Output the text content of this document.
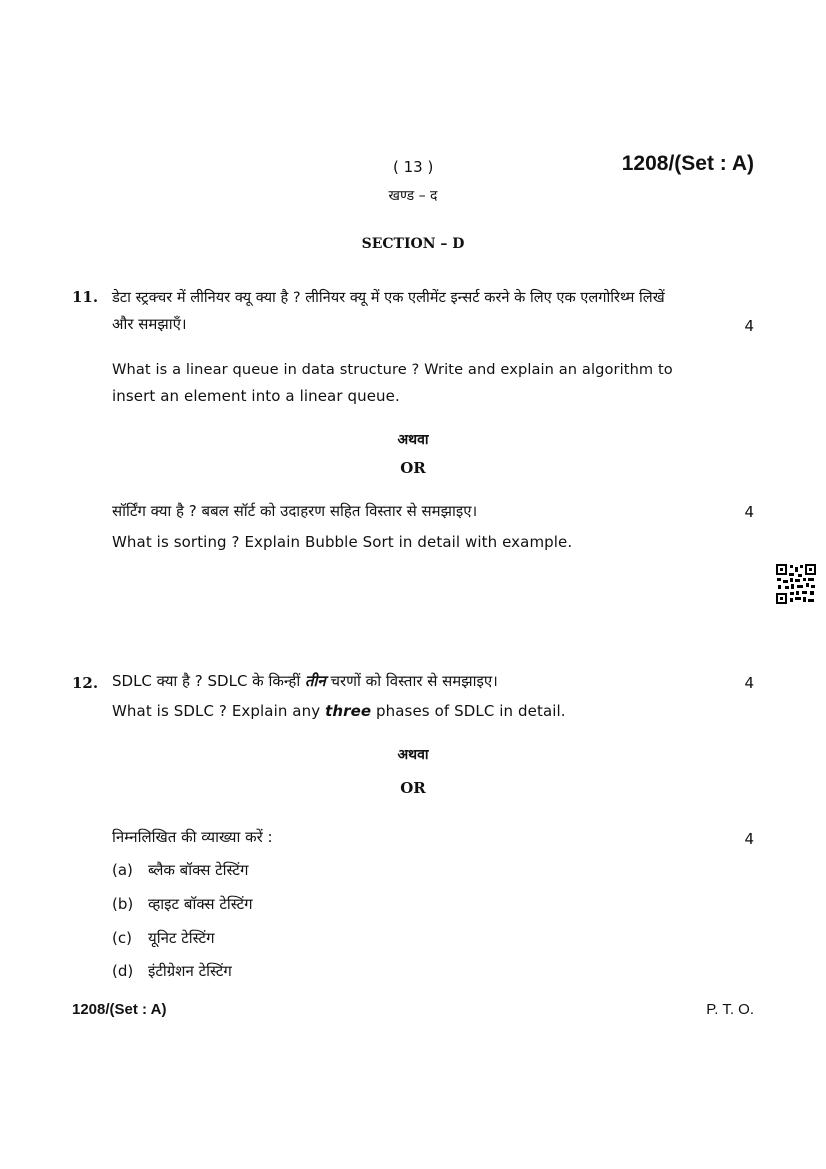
( 13 )	1208/(Set : A)
खण्ड – द
SECTION – D
11. डेटा स्ट्रक्चर में लीनियर क्यू क्या है ? लीनियर क्यू में एक एलीमेंट इन्सर्ट करने के लिए एक एलगोरिथ्म लिखें
और समझाएँ।	4
What is a linear queue in data structure ? Write and explain an algorithm to
insert an element into a linear queue.
अथवा
OR
सॉर्टिंग क्या है ? बबल सॉर्ट को उदाहरण सहित विस्तार से समझाइए।	4
What is sorting ? Explain Bubble Sort in detail with example.
12. SDLC क्या है ? SDLC के किन्हीं तीन चरणों को विस्तार से समझाइए।	4
What is SDLC ? Explain any three phases of SDLC in detail.
अथवा
OR
निम्नलिखित की व्याख्या करें :	4
(a) ब्लैक बॉक्स टेस्टिंग
(b) व्हाइट बॉक्स टेस्टिंग
(c) यूनिट टेस्टिंग
(d) इंटीग्रेशन टेस्टिंग
1208/(Set : A)	P. T. O.
